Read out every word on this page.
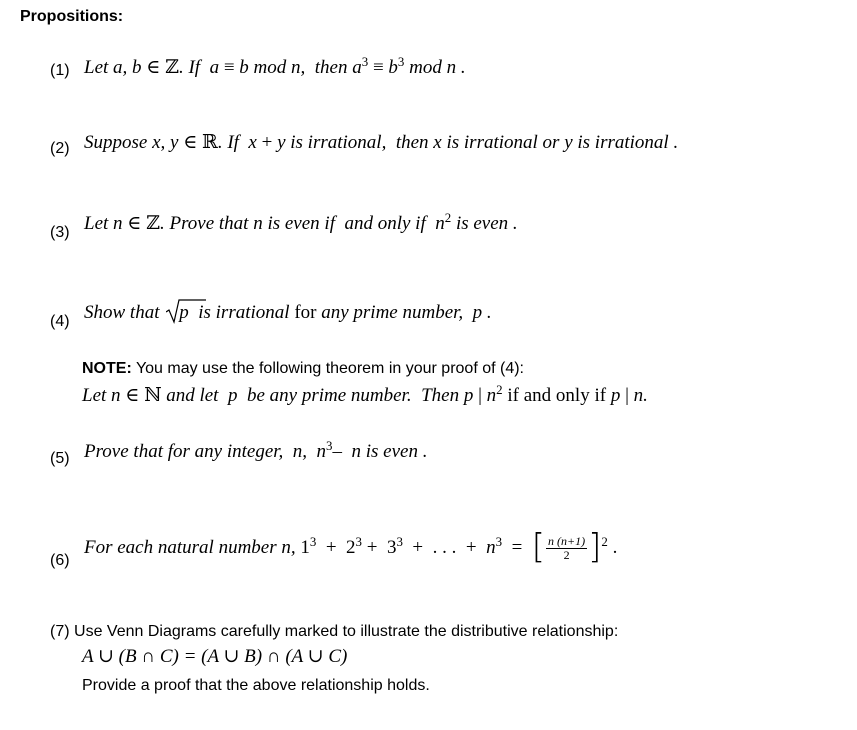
Propositions:
(1) Let a, b ∈ ℤ. If  a ≡ b mod n,  then $a^3 \equiv b^3$ mod n .
(2) Suppose x, y ∈ ℝ. If  x + y is irrational,  then x is irrational or y is irrational .
(3) Let n ∈ ℤ. Prove that n is even if  and only if  $n^2$ is even .
(4) Show that
p  is irrational for any prime number,  p .
NOTE: You may use the following theorem in your proof of (4):
Let n ∈ ℕ and let  p  be any prime number.  Then p | $n^2$ if and only if p | n.
(5) Prove that for any integer,  n,  $n^3-$  n is even .
(6)
For each natural number n, $1^3 + 2^3 + 3^3$  +  . . .  +  $n^3$ = [ $\frac{n (n+1)}{2} ]^2$ .
(7) Use Venn Diagrams carefully marked to illustrate the distributive relationship:
A ∪ (B ∩ C) = (A ∪ B) ∩ (A ∪ C)
Provide a proof that the above relationship holds.
